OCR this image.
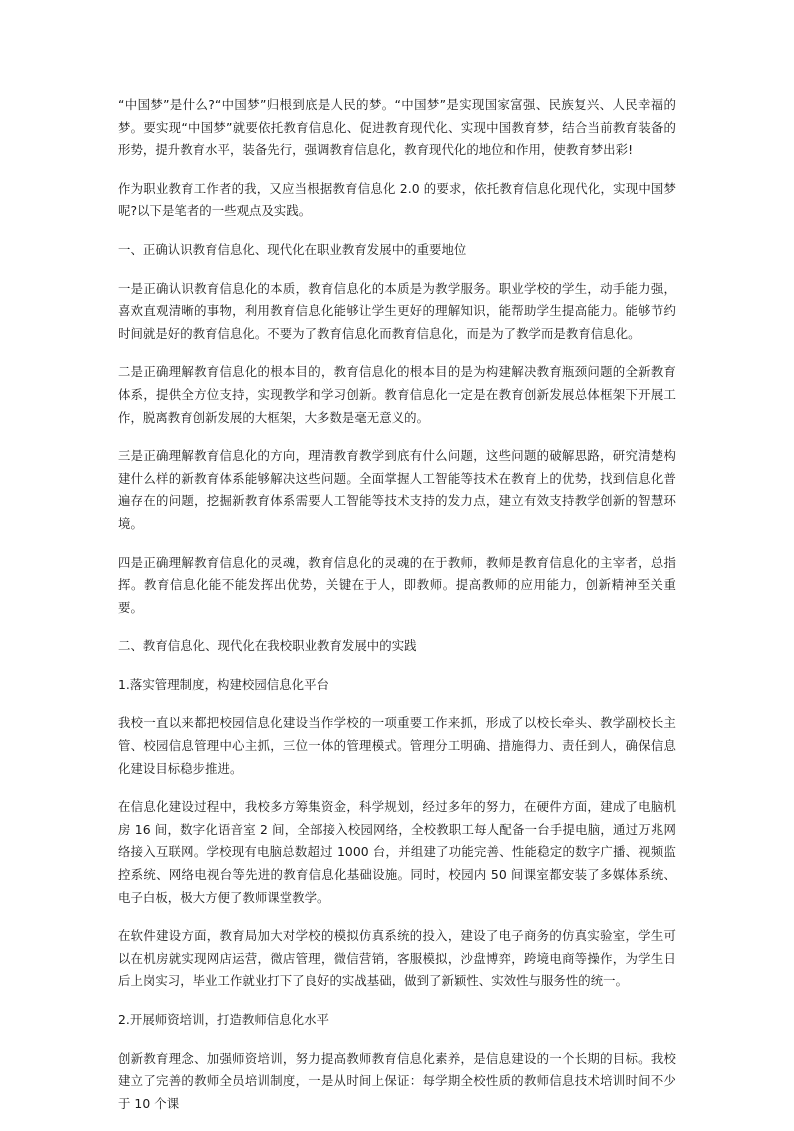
“中国梦”是什么?“中国梦”归根到底是人民的梦。“中国梦”是实现国家富强、民族复兴、人民幸福的梦。要实现“中国梦”就要依托教育信息化、促进教育现代化、实现中国教育梦，结合当前教育装备的形势，提升教育水平，装备先行，强调教育信息化，教育现代化的地位和作用，使教育梦出彩!

作为职业教育工作者的我，又应当根据教育信息化 2.0 的要求，依托教育信息化现代化，实现中国梦呢?以下是笔者的一些观点及实践。

一、正确认识教育信息化、现代化在职业教育发展中的重要地位

一是正确认识教育信息化的本质，教育信息化的本质是为教学服务。职业学校的学生，动手能力强，喜欢直观清晰的事物，利用教育信息化能够让学生更好的理解知识，能帮助学生提高能力。能够节约时间就是好的教育信息化。不要为了教育信息化而教育信息化，而是为了教学而是教育信息化。

二是正确理解教育信息化的根本目的，教育信息化的根本目的是为构建解决教育瓶颈问题的全新教育体系，提供全方位支持，实现教学和学习创新。教育信息化一定是在教育创新发展总体框架下开展工作，脱离教育创新发展的大框架，大多数是毫无意义的。

三是正确理解教育信息化的方向，理清教育教学到底有什么问题，这些问题的破解思路，研究清楚构建什么样的新教育体系能够解决这些问题。全面掌握人工智能等技术在教育上的优势，找到信息化普遍存在的问题，挖掘新教育体系需要人工智能等技术支持的发力点，建立有效支持教学创新的智慧环境。

四是正确理解教育信息化的灵魂，教育信息化的灵魂的在于教师，教师是教育信息化的主宰者，总指挥。教育信息化能不能发挥出优势，关键在于人，即教师。提高教师的应用能力，创新精神至关重要。

二、教育信息化、现代化在我校职业教育发展中的实践

1.落实管理制度，构建校园信息化平台

我校一直以来都把校园信息化建设当作学校的一项重要工作来抓，形成了以校长牵头、教学副校长主管、校园信息管理中心主抓，三位一体的管理模式。管理分工明确、措施得力、责任到人，确保信息化建设目标稳步推进。

在信息化建设过程中，我校多方筹集资金，科学规划，经过多年的努力，在硬件方面，建成了电脑机房 16 间，数字化语音室 2 间，全部接入校园网络，全校教职工每人配备一台手提电脑，通过万兆网络接入互联网。学校现有电脑总数超过 1000 台，并组建了功能完善、性能稳定的数字广播、视频监控系统、网络电视台等先进的教育信息化基础设施。同时，校园内 50 间课室都安装了多媒体系统、电子白板，极大方便了教师课堂教学。

在软件建设方面，教育局加大对学校的模拟仿真系统的投入，建设了电子商务的仿真实验室，学生可以在机房就实现网店运营，微店管理，微信营销，客服模拟，沙盘博弈，跨境电商等操作，为学生日后上岗实习，毕业工作就业打下了良好的实战基础，做到了新颖性、实效性与服务性的统一。

2.开展师资培训，打造教师信息化水平

创新教育理念、加强师资培训，努力提高教师教育信息化素养，是信息建设的一个长期的目标。我校建立了完善的教师全员培训制度，一是从时间上保证：每学期全校性质的教师信息技术培训时间不少于 10 个课
